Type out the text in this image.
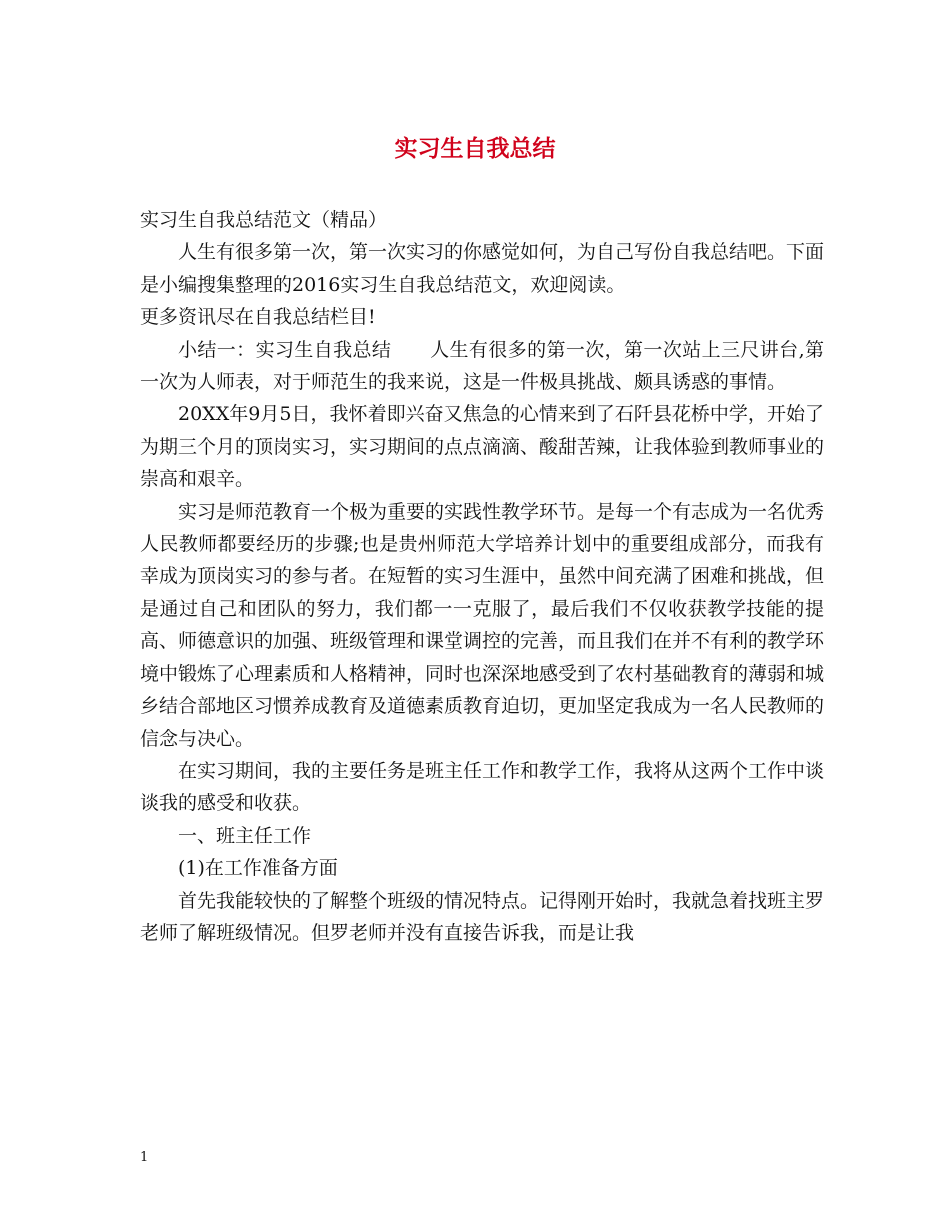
实习生自我总结

实习生自我总结范文（精品）

人生有很多第一次，第一次实习的你感觉如何，为自己写份自我总结吧。下面是小编搜集整理的2016实习生自我总结范文，欢迎阅读。

更多资讯尽在自我总结栏目!

小结一：实习生自我总结　　人生有很多的第一次，第一次站上三尺讲台,第一次为人师表，对于师范生的我来说，这是一件极具挑战、颇具诱惑的事情。

20XX年9月5日，我怀着即兴奋又焦急的心情来到了石阡县花桥中学，开始了为期三个月的顶岗实习，实习期间的点点滴滴、酸甜苦辣，让我体验到教师事业的崇高和艰辛。

实习是师范教育一个极为重要的实践性教学环节。是每一个有志成为一名优秀人民教师都要经历的步骤;也是贵州师范大学培养计划中的重要组成部分，而我有幸成为顶岗实习的参与者。在短暂的实习生涯中，虽然中间充满了困难和挑战，但是通过自己和团队的努力，我们都一一克服了，最后我们不仅收获教学技能的提高、师德意识的加强、班级管理和课堂调控的完善，而且我们在并不有利的教学环境中锻炼了心理素质和人格精神，同时也深深地感受到了农村基础教育的薄弱和城乡结合部地区习惯养成教育及道德素质教育迫切，更加坚定我成为一名人民教师的信念与决心。

在实习期间，我的主要任务是班主任工作和教学工作，我将从这两个工作中谈谈我的感受和收获。

一、班主任工作

(1)在工作准备方面

首先我能较快的了解整个班级的情况特点。记得刚开始时，我就急着找班主罗老师了解班级情况。但罗老师并没有直接告诉我，而是让我

1
